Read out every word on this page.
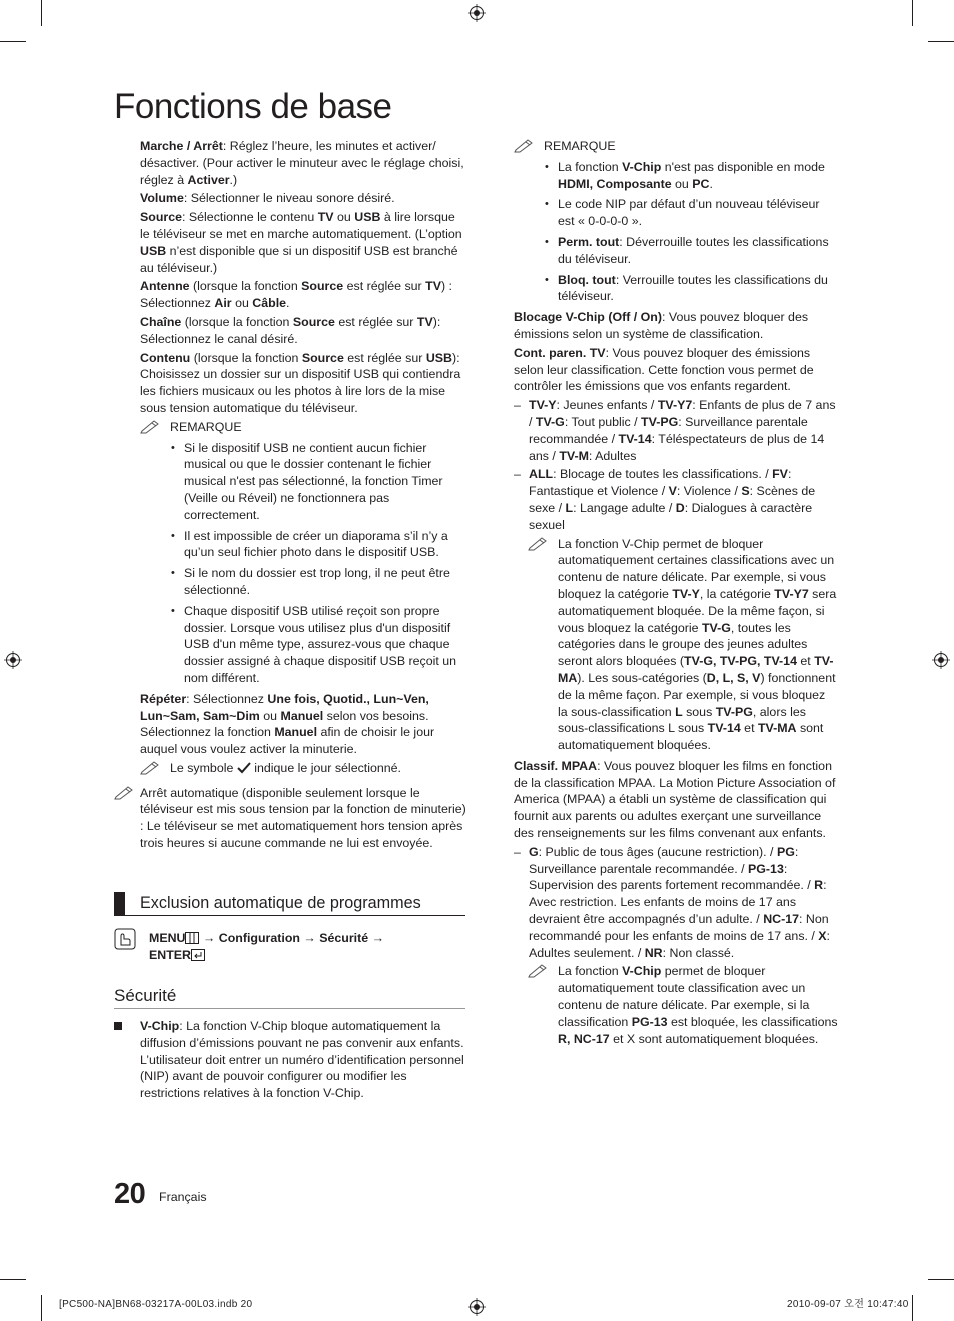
Fonctions de base

Marche / Arrêt: Réglez l’heure, les minutes et activer/ désactiver. (Pour activer le minuteur avec le réglage choisi, réglez à Activer.)

Volume: Sélectionner le niveau sonore désiré.

Source: Sélectionne le contenu TV ou USB à lire lorsque le téléviseur se met en marche automatiquement. (L’option USB n’est disponible que si un dispositif USB est branché au téléviseur.)

Antenne (lorsque la fonction Source est réglée sur TV) : Sélectionnez Air ou Câble.

Chaîne (lorsque la fonction Source est réglée sur TV): Sélectionnez le canal désiré.

Contenu (lorsque la fonction Source est réglée sur USB): Choisissez un dossier sur un dispositif USB qui contiendra les fichiers musicaux ou les photos à lire lors de la mise sous tension automatique du téléviseur.

REMARQUE
• Si le dispositif USB ne contient aucun fichier musical ou que le dossier contenant le fichier musical n'est pas sélectionné, la fonction Timer (Veille ou Réveil) ne fonctionnera pas correctement.
• Il est impossible de créer un diaporama s’il n’y a qu’un seul fichier photo dans le dispositif USB.
• Si le nom du dossier est trop long, il ne peut être sélectionné.
• Chaque dispositif USB utilisé reçoit son propre dossier. Lorsque vous utilisez plus d'un dispositif USB d'un même type, assurez-vous que chaque dossier assigné à chaque dispositif USB reçoit un nom différent.

Répéter: Sélectionnez Une fois, Quotid., Lun~Ven, Lun~Sam, Sam~Dim ou Manuel selon vos besoins. Sélectionnez la fonction Manuel afin de choisir le jour auquel vous voulez activer la minuterie.

Le symbole  indique le jour sélectionné.
Arrêt automatique (disponible seulement lorsque le téléviseur est mis sous tension par la fonction de minuterie) : Le téléviseur se met automatiquement hors tension après trois heures si aucune commande ne lui est envoyée.
Exclusion automatique de programmes
MENU → Configuration → Sécurité →
ENTER
Sécurité

V-Chip: La fonction V-Chip bloque automatiquement la diffusion d’émissions pouvant ne pas convenir aux enfants. L’utilisateur doit entrer un numéro d’identification personnel (NIP) avant de pouvoir configurer ou modifier les restrictions relatives à la fonction V-Chip.

REMARQUE
• La fonction V-Chip n'est pas disponible en mode HDMI, Composante ou PC.
• Le code NIP par défaut d’un nouveau téléviseur est « 0-0-0-0 ».
• Perm. tout: Déverrouille toutes les classifications du téléviseur.
• Bloq. tout: Verrouille toutes les classifications du téléviseur.

Blocage V-Chip (Off / On): Vous pouvez bloquer des émissions selon un système de classification.

Cont. paren. TV: Vous pouvez bloquer des émissions selon leur classification. Cette fonction vous permet de contrôler les émissions que vos enfants regardent.

– TV-Y: Jeunes enfants / TV-Y7: Enfants de plus de 7 ans / TV-G: Tout public / TV-PG: Surveillance parentale recommandée / TV-14: Téléspectateurs de plus de 14 ans / TV-M: Adultes
– ALL: Blocage de toutes les classifications. / FV: Fantastique et Violence / V: Violence / S: Scènes de sexe / L: Langage adulte / D: Dialogues à caractère sexuel
La fonction V-Chip permet de bloquer automatiquement certaines classifications avec un contenu de nature délicate. Par exemple, si vous bloquez la catégorie TV-Y, la catégorie TV-Y7 sera automatiquement bloquée. De la même façon, si vous bloquez la catégorie TV-G, toutes les catégories dans le groupe des jeunes adultes seront alors bloquées (TV-G, TV-PG, TV-14 et TV-MA). Les sous-catégories (D, L, S, V) fonctionnent de la même façon. Par exemple, si vous bloquez la sous-classification L sous TV-PG, alors les sous-classifications L sous TV-14 et TV-MA sont automatiquement bloquées.

Classif. MPAA: Vous pouvez bloquer les films en fonction de la classification MPAA. La Motion Picture Association of America (MPAA) a établi un système de classification qui fournit aux parents ou adultes exerçant une surveillance des renseignements sur les films convenant aux enfants.

– G: Public de tous âges (aucune restriction). / PG: Surveillance parentale recommandée. / PG-13: Supervision des parents fortement recommandée. / R: Avec restriction. Les enfants de moins de 17 ans devraient être accompagnés d’un adulte. / NC-17: Non recommandé pour les enfants de moins de 17 ans. / X: Adultes seulement. / NR: Non classé.
La fonction V-Chip permet de bloquer automatiquement toute classification avec un contenu de nature délicate. Par exemple, si la classification PG-13 est bloquée, les classifications R, NC-17 et X sont automatiquement bloquées.
20 Français
[PC500-NA]BN68-03217A-00L03.indb 20	2010-09-07 오전 10:47:40
